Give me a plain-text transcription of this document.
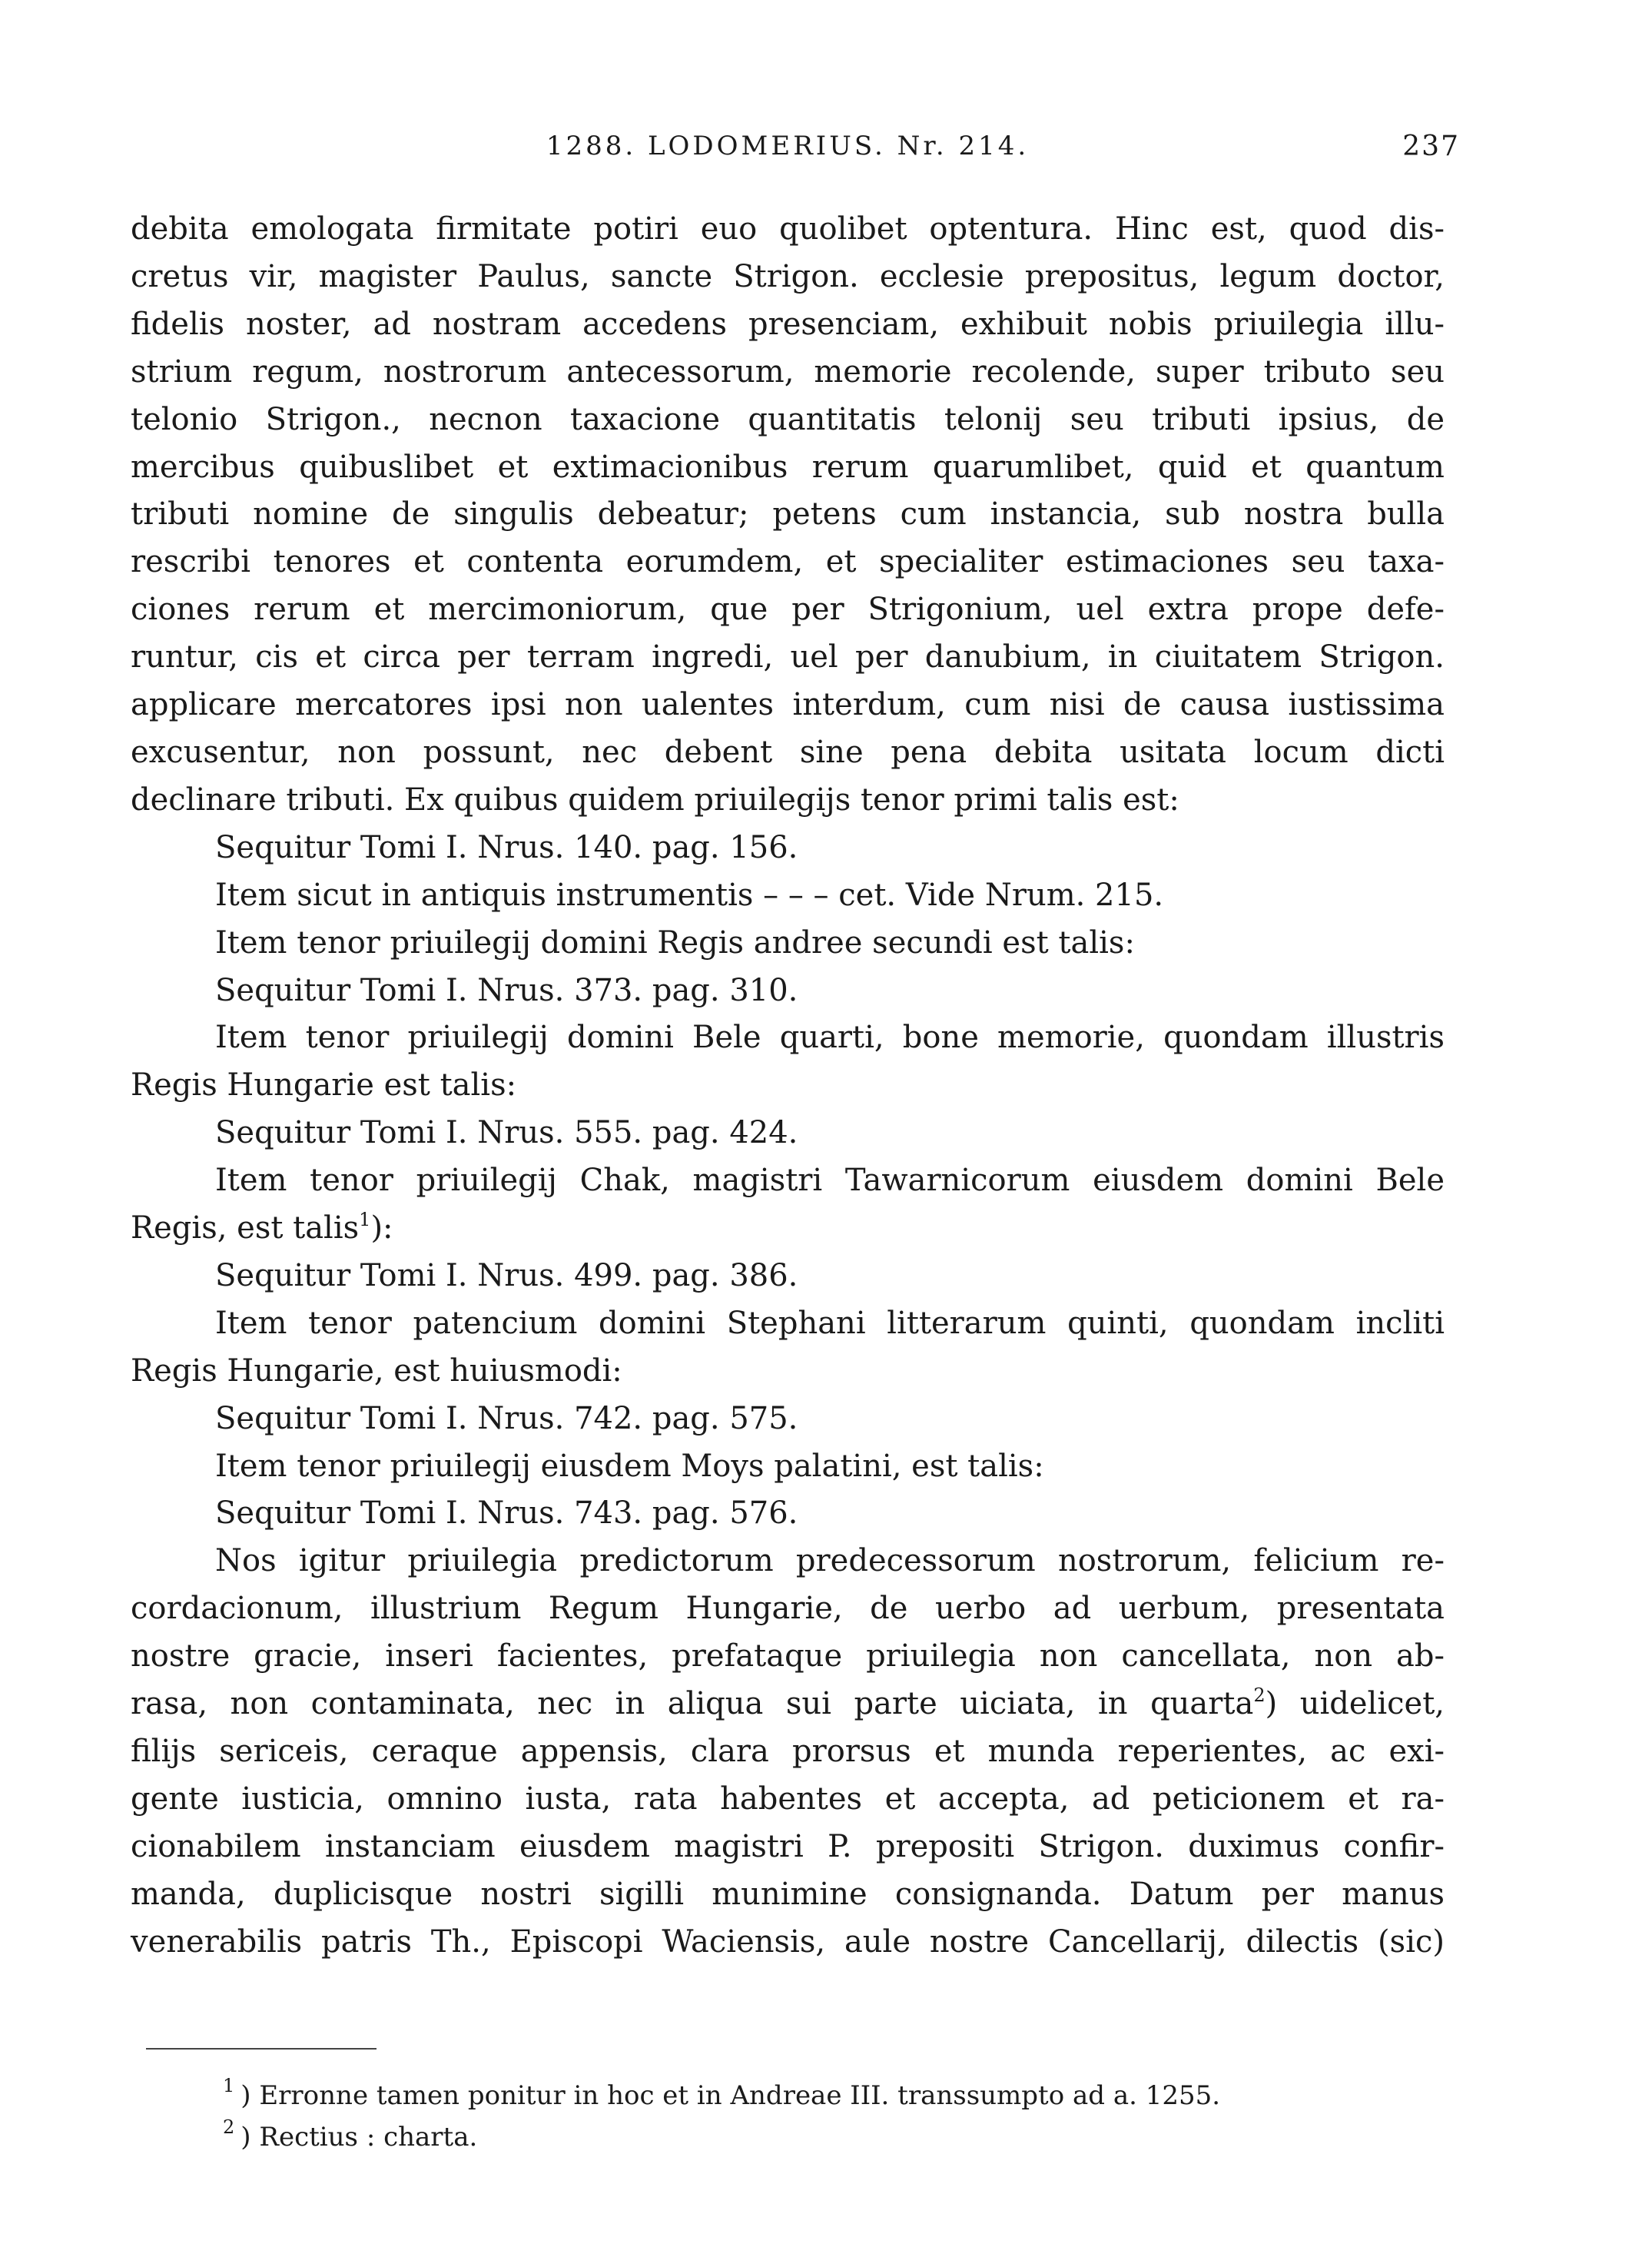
1288. LODOMERIUS. Nr. 214.	237

debita emologata firmitate potiri euo quolibet optentura. Hinc est, quod dis-

cretus vir, magister Paulus, sancte Strigon. ecclesie prepositus, legum doctor,

fidelis noster, ad nostram accedens presenciam, exhibuit nobis priuilegia illu-

strium regum, nostrorum antecessorum, memorie recolende, super tributo seu

telonio Strigon., necnon taxacione quantitatis telonij seu tributi ipsius, de

mercibus quibuslibet et extimacionibus rerum quarumlibet, quid et quantum

tributi nomine de singulis debeatur; petens cum instancia, sub nostra bulla

rescribi tenores et contenta eorumdem, et specialiter estimaciones seu taxa-

ciones rerum et mercimoniorum, que per Strigonium, uel extra prope defe-

runtur, cis et circa per terram ingredi, uel per danubium, in ciuitatem Strigon.

applicare mercatores ipsi non ualentes interdum, cum nisi de causa iustissima

excusentur, non possunt, nec debent sine pena debita usitata locum dicti

declinare tributi. Ex quibus quidem priuilegijs tenor primi talis est:

Sequitur Tomi I. Nrus. 140. pag. 156.

Item sicut in antiquis instrumentis – – – cet. Vide Nrum. 215.

Item tenor priuilegij domini Regis andree secundi est talis:

Sequitur Tomi I. Nrus. 373. pag. 310.

Item tenor priuilegij domini Bele quarti, bone memorie, quondam illustris

Regis Hungarie est talis:

Sequitur Tomi I. Nrus. 555. pag. 424.

Item tenor priuilegij Chak, magistri Tawarnicorum eiusdem domini Bele

Regis, est talis$^1$):

Sequitur Tomi I. Nrus. 499. pag. 386.

Item tenor patencium domini Stephani litterarum quinti, quondam incliti

Regis Hungarie, est huiusmodi:

Sequitur Tomi I. Nrus. 742. pag. 575.

Item tenor priuilegij eiusdem Moys palatini, est talis:

Sequitur Tomi I. Nrus. 743. pag. 576.

Nos igitur priuilegia predictorum predecessorum nostrorum, felicium re-

cordacionum, illustrium Regum Hungarie, de uerbo ad uerbum, presentata

nostre gracie, inseri facientes, prefataque priuilegia non cancellata, non ab-

rasa, non contaminata, nec in aliqua sui parte uiciata, in quarta$^2$) uidelicet,

filijs sericeis, ceraque appensis, clara prorsus et munda reperientes, ac exi-

gente iusticia, omnino iusta, rata habentes et accepta, ad peticionem et ra-

cionabilem instanciam eiusdem magistri P. prepositi Strigon. duximus confir-

manda, duplicisque nostri sigilli munimine consignanda. Datum per manus

venerabilis patris Th., Episcopi Waciensis, aule nostre Cancellarij, dilectis (sic)

$^1$ ) Erronne tamen ponitur in hoc et in Andreae III. transsumpto ad a. 1255.

$^2$ ) Rectius : charta.
